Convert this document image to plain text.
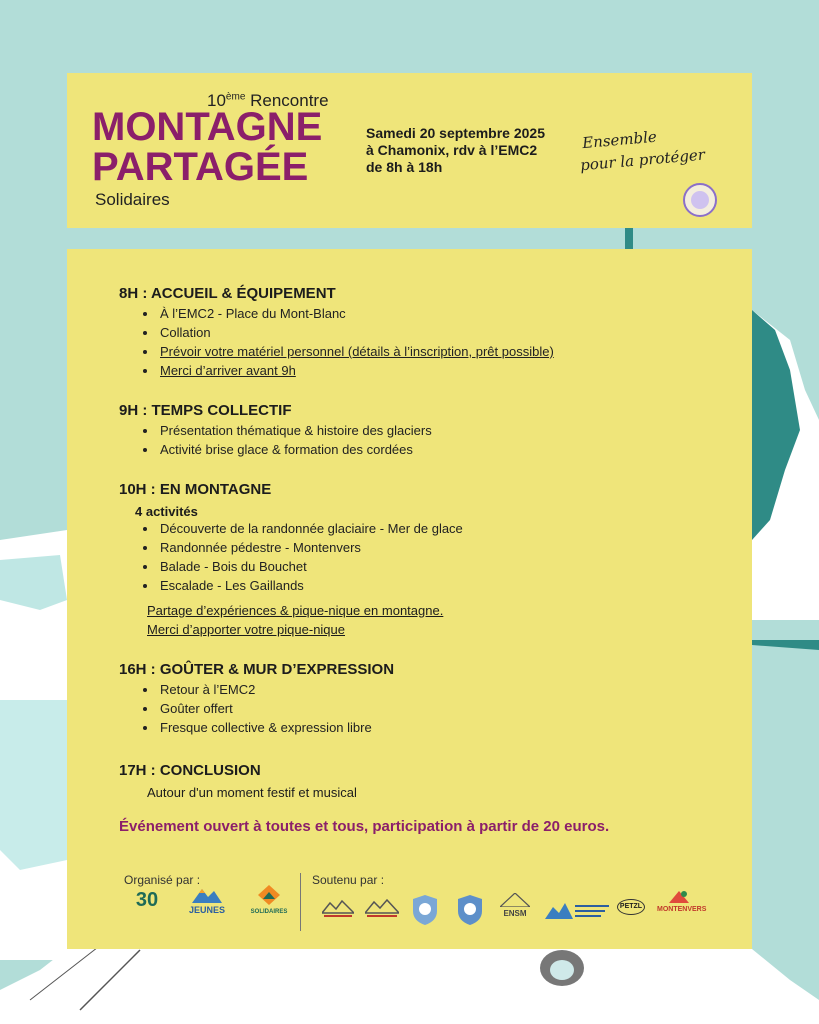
10ème Rencontre
MONTAGNE
PARTAGÉE
Solidaires
Samedi 20 septembre 2025
à Chamonix, rdv à l’EMC2
de 8h à 18h
Ensemble
pour la protéger
8H : ACCUEIL & ÉQUIPEMENT
• À l’EMC2 - Place du Mont-Blanc
• Collation
• Prévoir votre matériel personnel (détails à l’inscription, prêt possible)
• Merci d’arriver avant 9h
9H : TEMPS COLLECTIF
• Présentation thématique & histoire des glaciers
• Activité brise glace & formation des cordées
10H : EN MONTAGNE
4 activités
• Découverte de la randonnée glaciaire - Mer de glace
• Randonnée pédestre - Montenvers
• Balade - Bois du Bouchet
• Escalade - Les Gaillands
Partage d’expériences & pique-nique en montagne.
Merci d’apporter votre pique-nique
16H : GOÛTER & MUR D’EXPRESSION
• Retour à l’EMC2
• Goûter offert
• Fresque collective & expression libre
17H : CONCLUSION
Autour d'un moment festif et musical
Événement ouvert à toutes et tous, participation à partir de 20 euros.
Organisé par :	Soutenu par :
30	JEUNES	SOLIDAIRES	ENSM
PETZL	MONTENVERS
